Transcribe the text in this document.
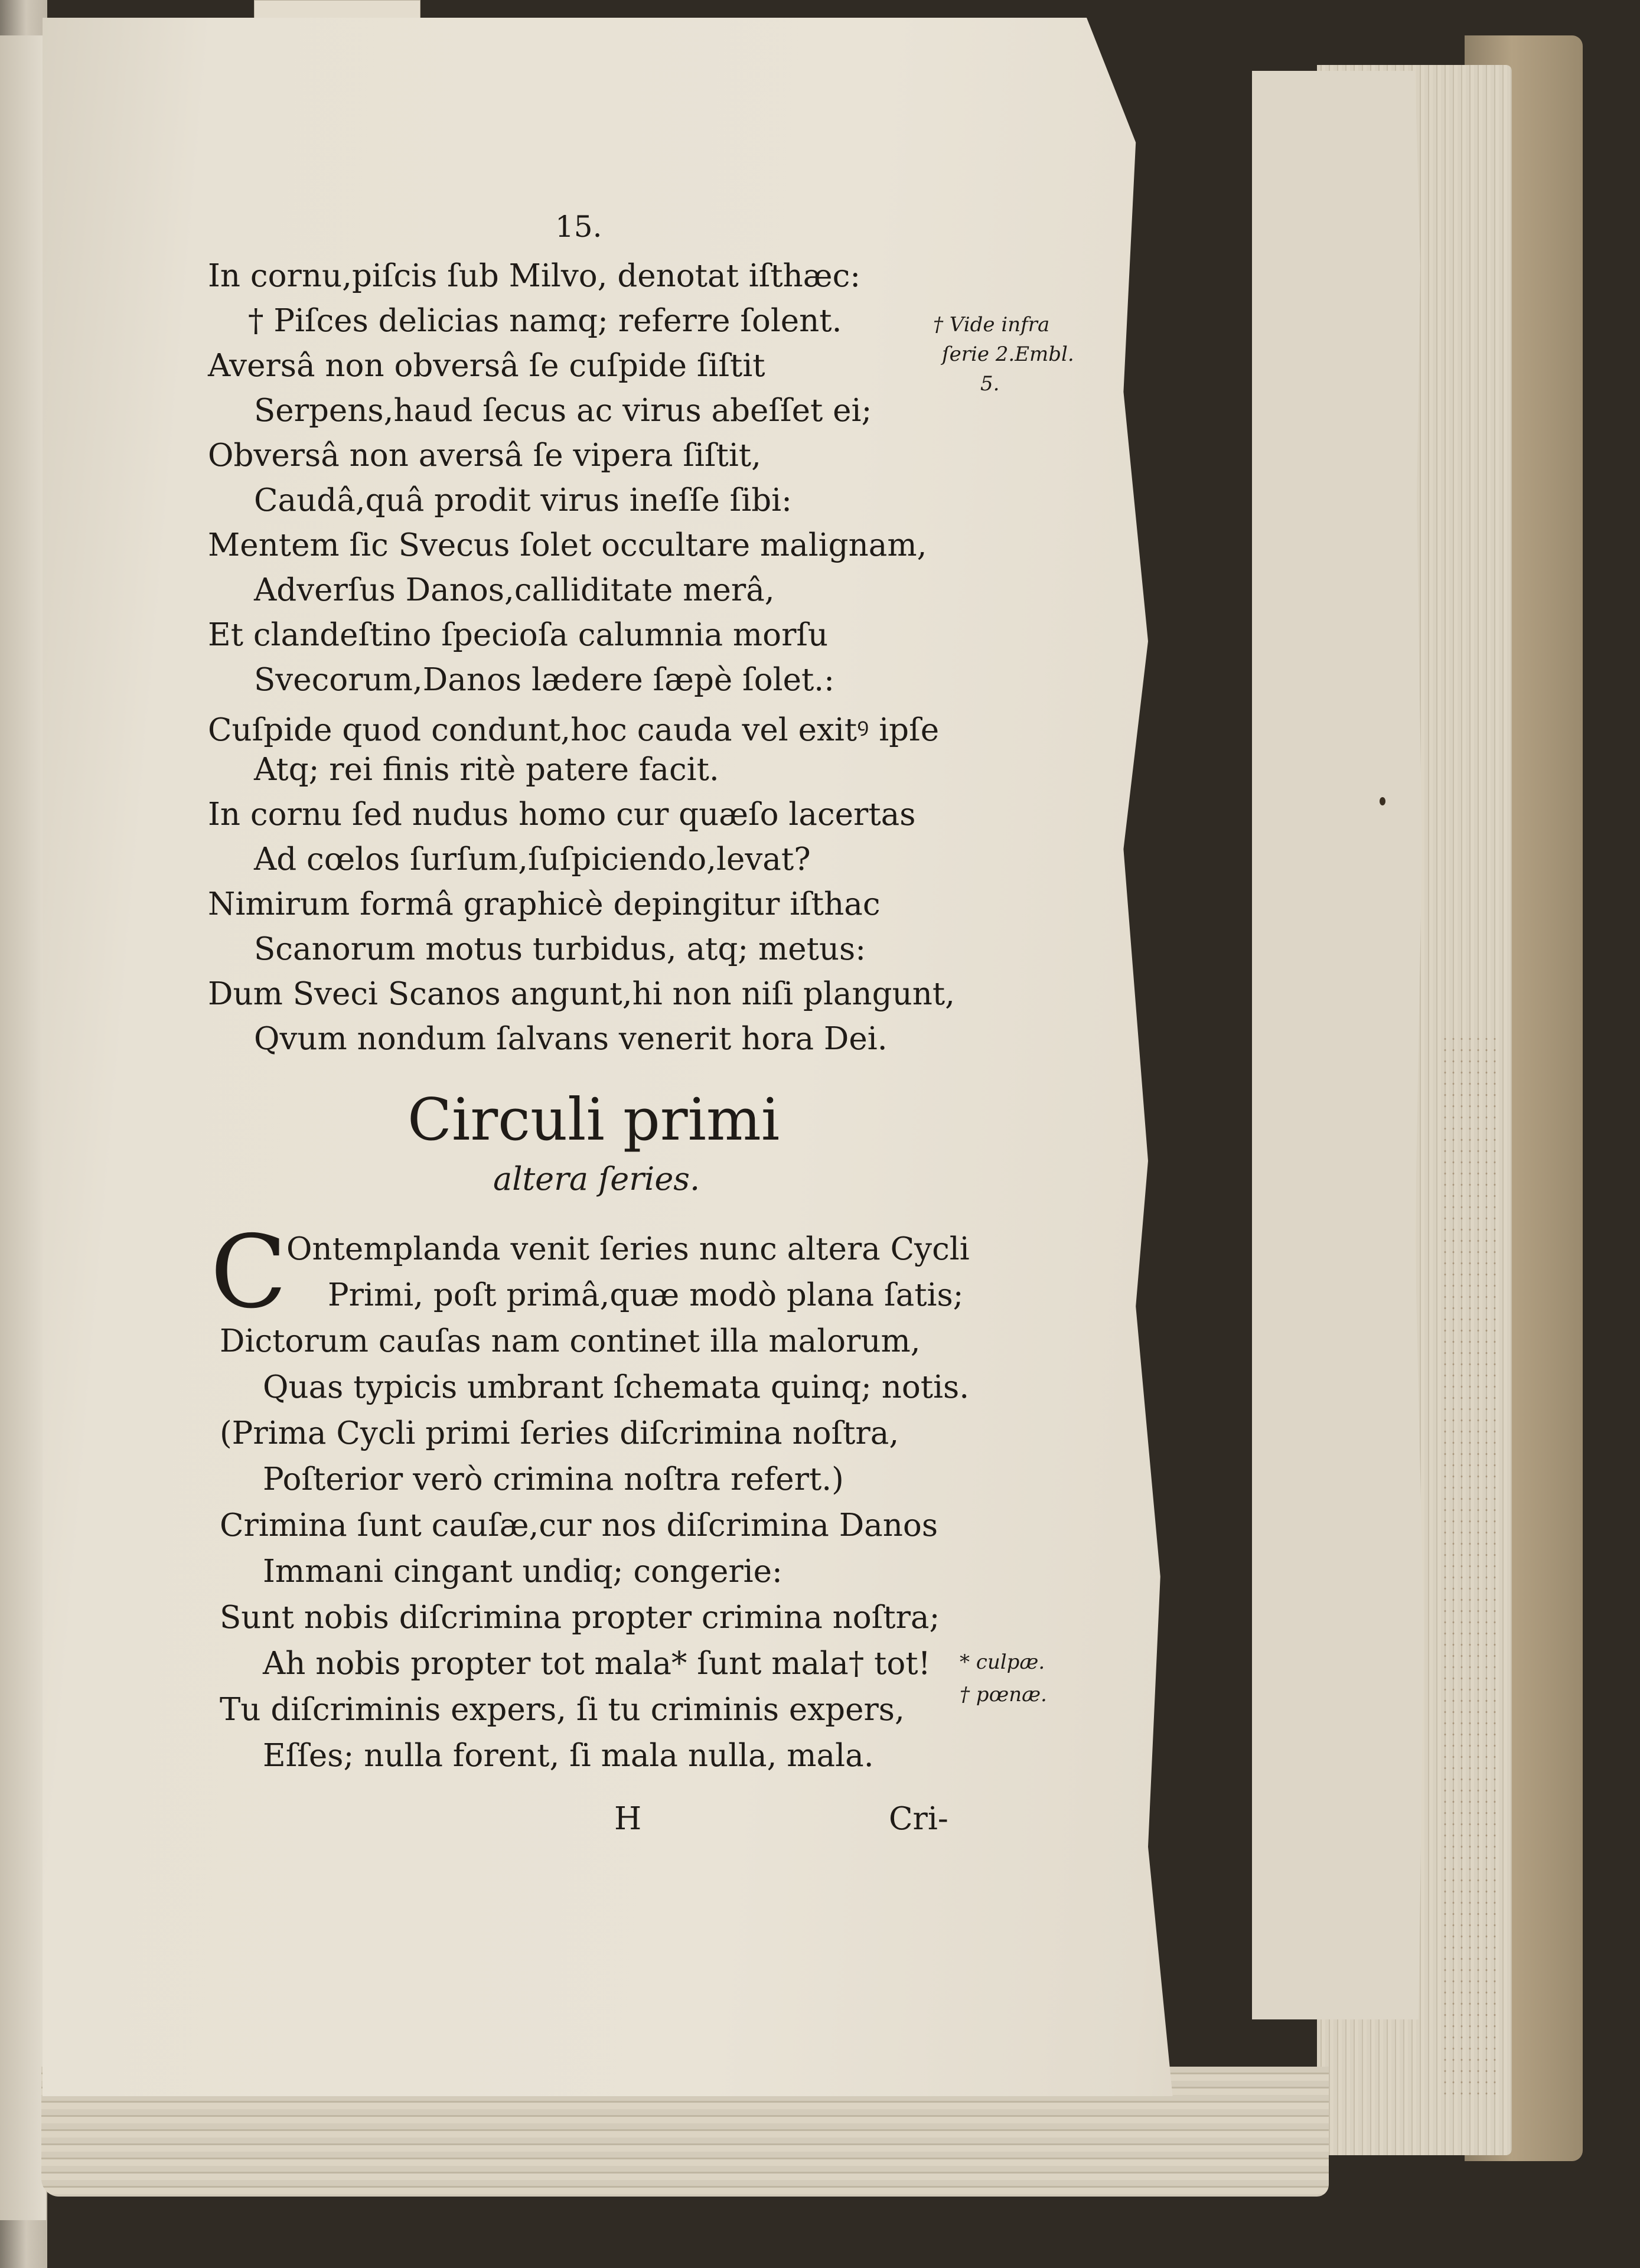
15.

In cornu,piſcis ſub Milvo, denotat iſthæc:

† Piſces delicias namq; referre ſolent.

Aversâ non obversâ ſe cuſpide ſiſtit

Serpens,haud ſecus ac virus abeſſet ei;

Obversâ non aversâ ſe vipera ſiſtit,

Caudâ,quâ prodit virus ineſſe ſibi:

Mentem ſic Svecus ſolet occultare malignam,

Adverſus Danos,calliditate merâ,

Et clandeſtino ſpecioſa calumnia morſu

Svecorum,Danos lædere ſæpè ſolet.:

Cuſpide quod condunt,hoc cauda vel exitꝰ ipſe

Atq; rei finis ritè patere facit.

In cornu ſed nudus homo cur quæſo lacertas

Ad cœlos ſurſum,ſuſpiciendo,levat?

Nimirum formâ graphicè depingitur iſthac

Scanorum motus turbidus, atq; metus:

Dum Sveci Scanos angunt,hi non niſi plangunt,

Qvum nondum ſalvans venerit hora Dei.

† Vide infra

ſerie 2.Embl.

5.

Circuli primi

altera ſeries.

C

Ontemplanda venit ſeries nunc altera Cycli

Primi, poſt primâ,quæ modò plana ſatis;

Dictorum cauſas nam continet illa malorum,

Quas typicis umbrant ſchemata quinq; notis.

(Prima Cycli primi ſeries diſcrimina noſtra,

Poſterior verò crimina noſtra refert.)

Crimina ſunt cauſæ,cur nos diſcrimina Danos

Immani cingant undiq; congerie:

Sunt nobis diſcrimina propter crimina noſtra;

Ah nobis propter tot mala* ſunt mala† tot!

Tu diſcriminis expers, ſi tu criminis expers,

Eſſes; nulla forent, ſi mala nulla, mala.

* culpæ.

† pœnæ.

H	Cri-
